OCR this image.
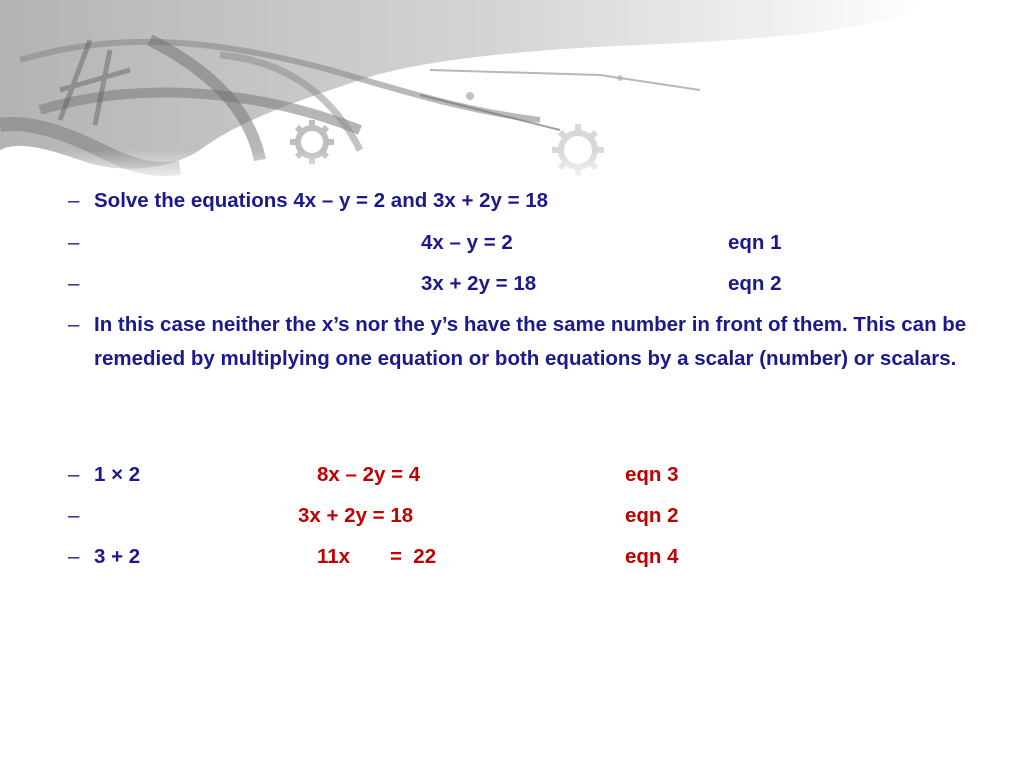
– Solve the equations 4x – y = 2 and 3x + 2y = 18
–	4x – y = 2	eqn 1
–	3x + 2y = 18	eqn 2
– In this case neither the x’s nor the y’s have the same number in front of them. This can be remedied by multiplying one equation or both equations by a scalar (number) or scalars.
– 1 × 2	8x – 2y = 4	eqn 3
–	3x + 2y = 18	eqn 2
– 3 + 2	11x       =  22	eqn 4
